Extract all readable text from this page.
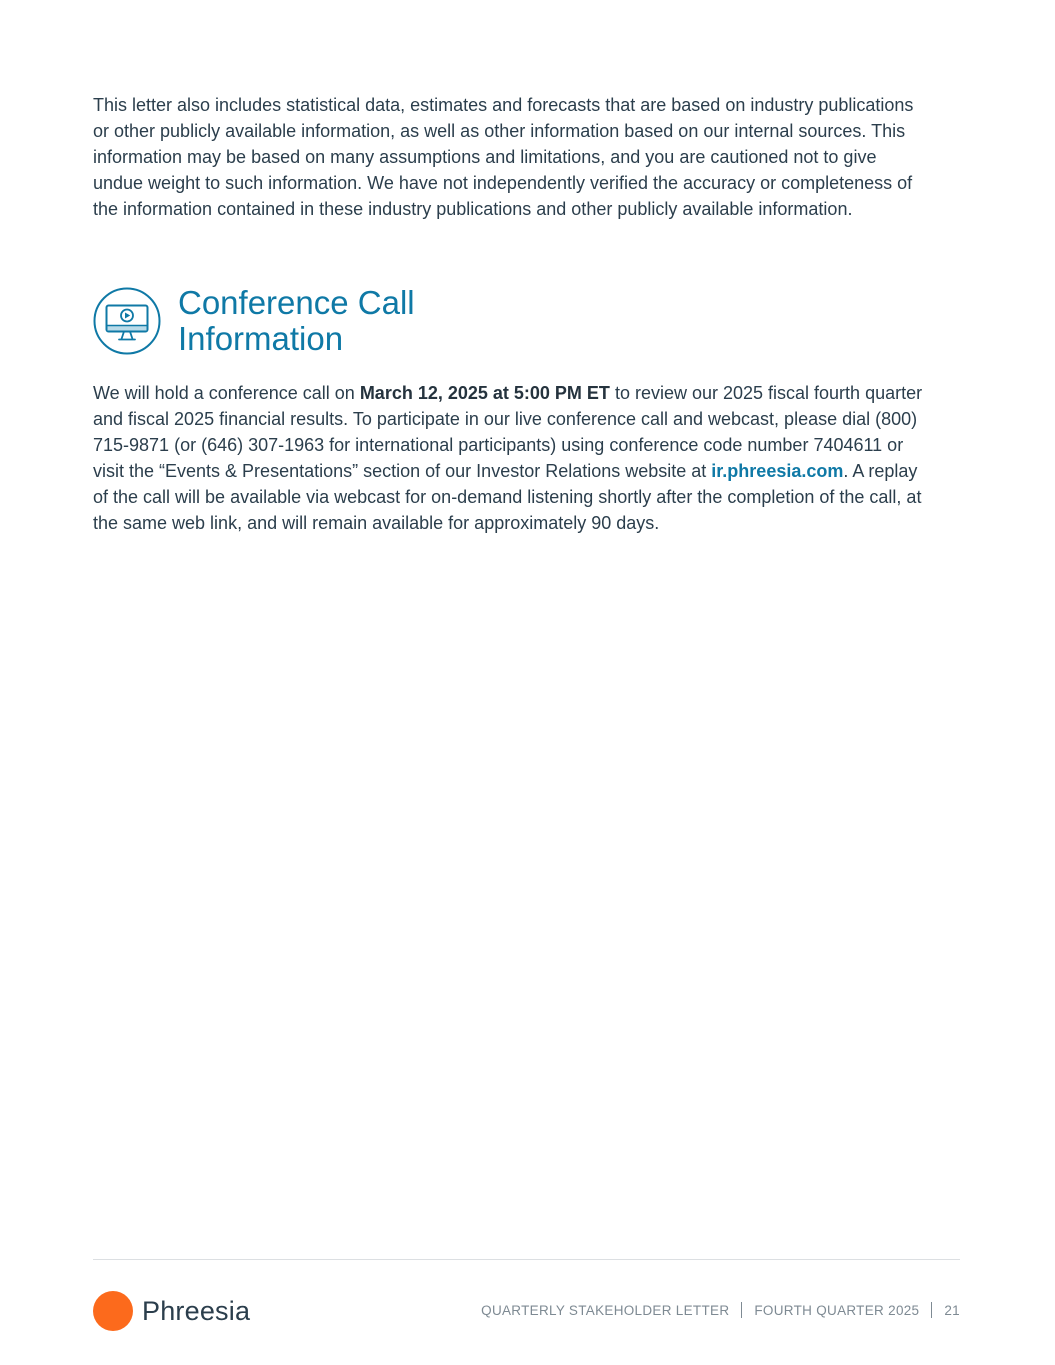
This letter also includes statistical data, estimates and forecasts that are based on industry publications or other publicly available information, as well as other information based on our internal sources. This information may be based on many assumptions and limitations, and you are cautioned not to give undue weight to such information. We have not independently verified the accuracy or completeness of the information contained in these industry publications and other publicly available information.

Conference Call
Information

We will hold a conference call on March 12, 2025 at 5:00 PM ET to review our 2025 fiscal fourth quarter and fiscal 2025 financial results. To participate in our live conference call and webcast, please dial (800) 715-9871 (or (646) 307-1963 for international participants) using conference code number 7404611 or visit the “Events & Presentations” section of our Investor Relations website at ir.phreesia.com. A replay of the call will be available via webcast for on-demand listening shortly after the completion of the call, at the same web link, and will remain available for approximately 90 days.

Phreesia	QUARTERLY STAKEHOLDER LETTER FOURTH QUARTER 2025 21
